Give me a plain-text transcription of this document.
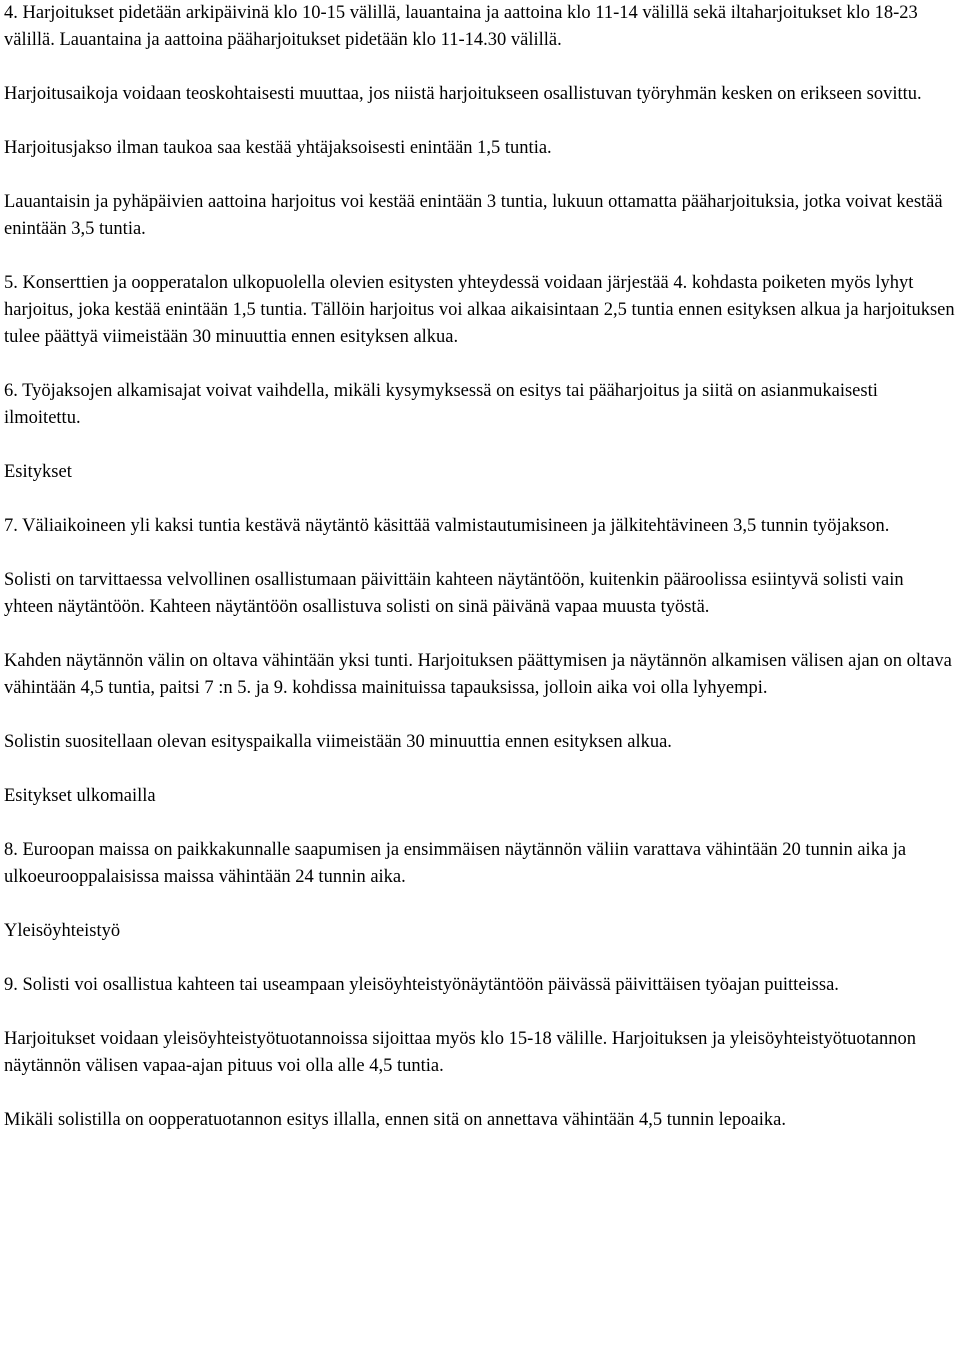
4. Harjoitukset pidetään arkipäivinä klo 10-15 välillä, lauantaina ja aattoina klo 11-14 välillä sekä iltaharjoitukset klo 18-23 välillä. Lauantaina ja aattoina pääharjoitukset pidetään klo 11-14.30 välillä.

Harjoitusaikoja voidaan teoskohtaisesti muuttaa, jos niistä harjoitukseen osallistuvan työryhmän kesken on erikseen sovittu.

Harjoitusjakso ilman taukoa saa kestää yhtäjaksoisesti enintään 1,5 tuntia.

Lauantaisin ja pyhäpäivien aattoina harjoitus voi kestää enintään 3 tuntia, lukuun ottamatta pääharjoituksia, jotka voivat kestää enintään 3,5 tuntia.

5. Konserttien ja oopperatalon ulkopuolella olevien esitysten yhteydessä voidaan järjestää 4. kohdasta poiketen myös lyhyt harjoitus, joka kestää enintään 1,5 tuntia. Tällöin harjoitus voi alkaa aikaisintaan 2,5 tuntia ennen esityksen alkua ja harjoituksen tulee päättyä viimeistään 30 minuuttia ennen esityksen alkua.

6. Työjaksojen alkamisajat voivat vaihdella, mikäli kysymyksessä on esitys tai pääharjoitus ja siitä on asianmukaisesti ilmoitettu.

Esitykset

7. Väliaikoineen yli kaksi tuntia kestävä näytäntö käsittää valmistautumisineen ja jälkitehtävineen 3,5 tunnin työjakson.

Solisti on tarvittaessa velvollinen osallistumaan päivittäin kahteen näytäntöön, kuitenkin pääroolissa esiintyvä solisti vain yhteen näytäntöön. Kahteen näytäntöön osallistuva solisti on sinä päivänä vapaa muusta työstä.

Kahden näytännön välin on oltava vähintään yksi tunti. Harjoituksen päättymisen ja näytännön alkamisen välisen ajan on oltava vähintään 4,5 tuntia, paitsi 7 :n 5. ja 9. kohdissa mainituissa tapauksissa, jolloin aika voi olla lyhyempi.

Solistin suositellaan olevan esityspaikalla viimeistään 30 minuuttia ennen esityksen alkua.

Esitykset ulkomailla

8. Euroopan maissa on paikkakunnalle saapumisen ja ensimmäisen näytännön väliin varattava vähintään 20 tunnin aika ja ulkoeurooppalaisissa maissa vähintään 24 tunnin aika.

Yleisöyhteistyö

9. Solisti voi osallistua kahteen tai useampaan yleisöyhteistyönäytäntöön päivässä päivittäisen työajan puitteissa.

Harjoitukset voidaan yleisöyhteistyötuotannoissa sijoittaa myös klo 15-18 välille. Harjoituksen ja yleisöyhteistyötuotannon näytännön välisen vapaa-ajan pituus voi olla alle 4,5 tuntia.

Mikäli solistilla on oopperatuotannon esitys illalla, ennen sitä on annettava vähintään 4,5 tunnin lepoaika.
